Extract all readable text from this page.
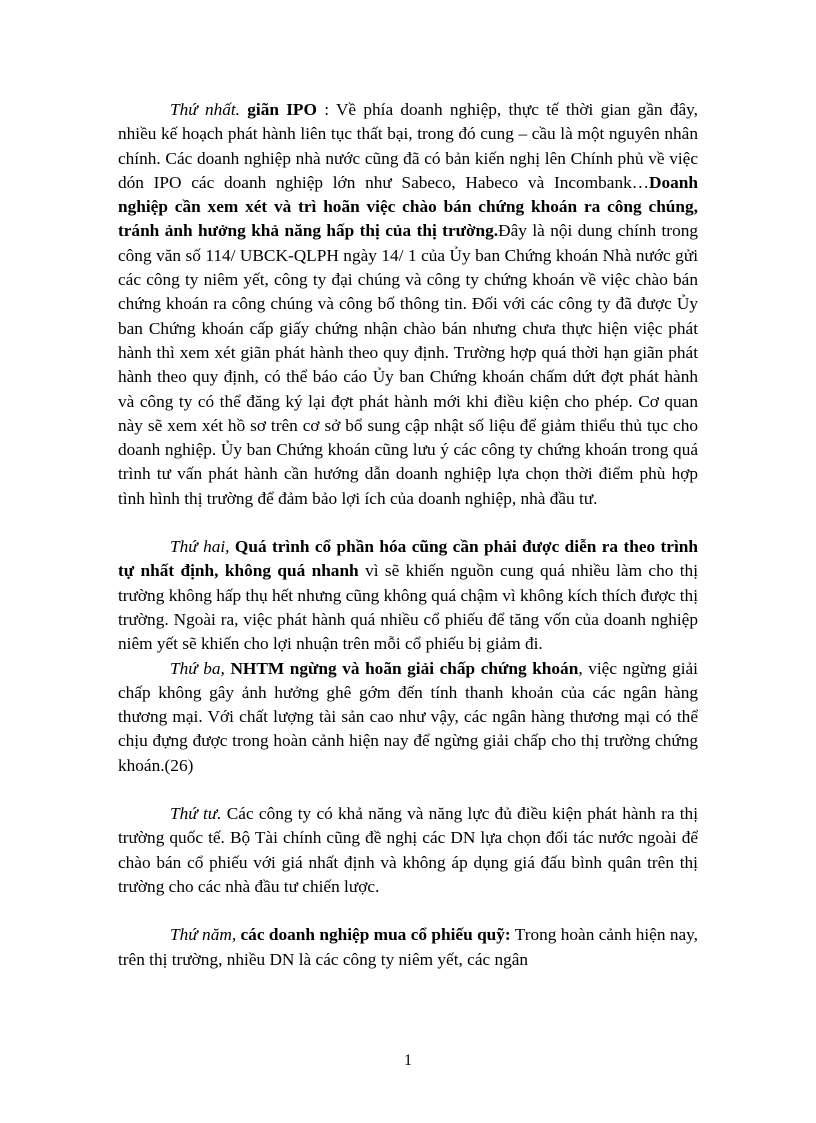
Thứ nhất. giãn IPO : Về phía doanh nghiệp, thực tế thời gian gần đây, nhiều kế hoạch phát hành liên tục thất bại, trong đó cung – cầu là một nguyên nhân chính. Các doanh nghiệp nhà nước cũng đã có bản kiến nghị lên Chính phủ về việc dón IPO các doanh nghiệp lớn như Sabeco, Habeco và Incombank…Doanh nghiệp cần xem xét và trì hoãn việc chào bán chứng khoán ra công chúng, tránh ảnh hưởng khả năng hấp thị của thị trường.Đây là nội dung chính trong công văn số 114/ UBCK-QLPH ngày 14/ 1 của Ủy ban Chứng khoán Nhà nước gửi các công ty niêm yết, công ty đại chúng và công ty chứng khoán về việc chào bán chứng khoán ra công chúng và công bố thông tin. Đối với các công ty đã được Ủy ban Chứng khoán cấp giấy chứng nhận chào bán nhưng chưa thực hiện việc phát hành thì xem xét giãn phát hành theo quy định. Trường hợp quá thời hạn giãn phát hành theo quy định, có thể báo cáo Ủy ban Chứng khoán chấm dứt đợt phát hành và công ty có thể đăng ký lại đợt phát hành mới khi điều kiện cho phép. Cơ quan này sẽ xem xét hồ sơ trên cơ sở bổ sung cập nhật số liệu để giảm thiểu thủ tục cho doanh nghiệp. Ủy ban Chứng khoán cũng lưu ý các công ty chứng khoán trong quá trình tư vấn phát hành cần hướng dẫn doanh nghiệp lựa chọn thời điểm phù hợp tình hình thị trường để đảm bảo lợi ích của doanh nghiệp, nhà đầu tư.

Thứ hai, Quá trình cổ phần hóa cũng cần phải được diễn ra theo trình tự nhất định, không quá nhanh vì sẽ khiến nguồn cung quá nhiều làm cho thị trường không hấp thụ hết nhưng cũng không quá chậm vì không kích thích được thị trường. Ngoài ra, việc phát hành quá nhiều cổ phiếu để tăng vốn của doanh nghiệp niêm yết sẽ khiến cho lợi nhuận trên mỗi cổ phiếu bị giảm đi.

Thứ ba, NHTM ngừng và hoãn giải chấp chứng khoán, việc ngừng giải chấp không gây ảnh hưởng ghê gớm đến tính thanh khoản của các ngân hàng thương mại. Với chất lượng tài sản cao như vậy, các ngân hàng thương mại có thể chịu đựng được trong hoàn cảnh hiện nay để ngừng giải chấp cho thị trường chứng khoán.(26)

Thứ tư. Các công ty có khả năng và năng lực đủ điều kiện phát hành ra thị trường quốc tế. Bộ Tài chính cũng đề nghị các DN lựa chọn đối tác nước ngoài để chào bán cổ phiếu với giá nhất định và không áp dụng giá đấu bình quân trên thị trường cho các nhà đầu tư chiến lược.

Thứ năm, các doanh nghiệp mua cổ phiếu quỹ: Trong hoàn cảnh hiện nay, trên thị trường, nhiều DN là các công ty niêm yết, các ngân

1
